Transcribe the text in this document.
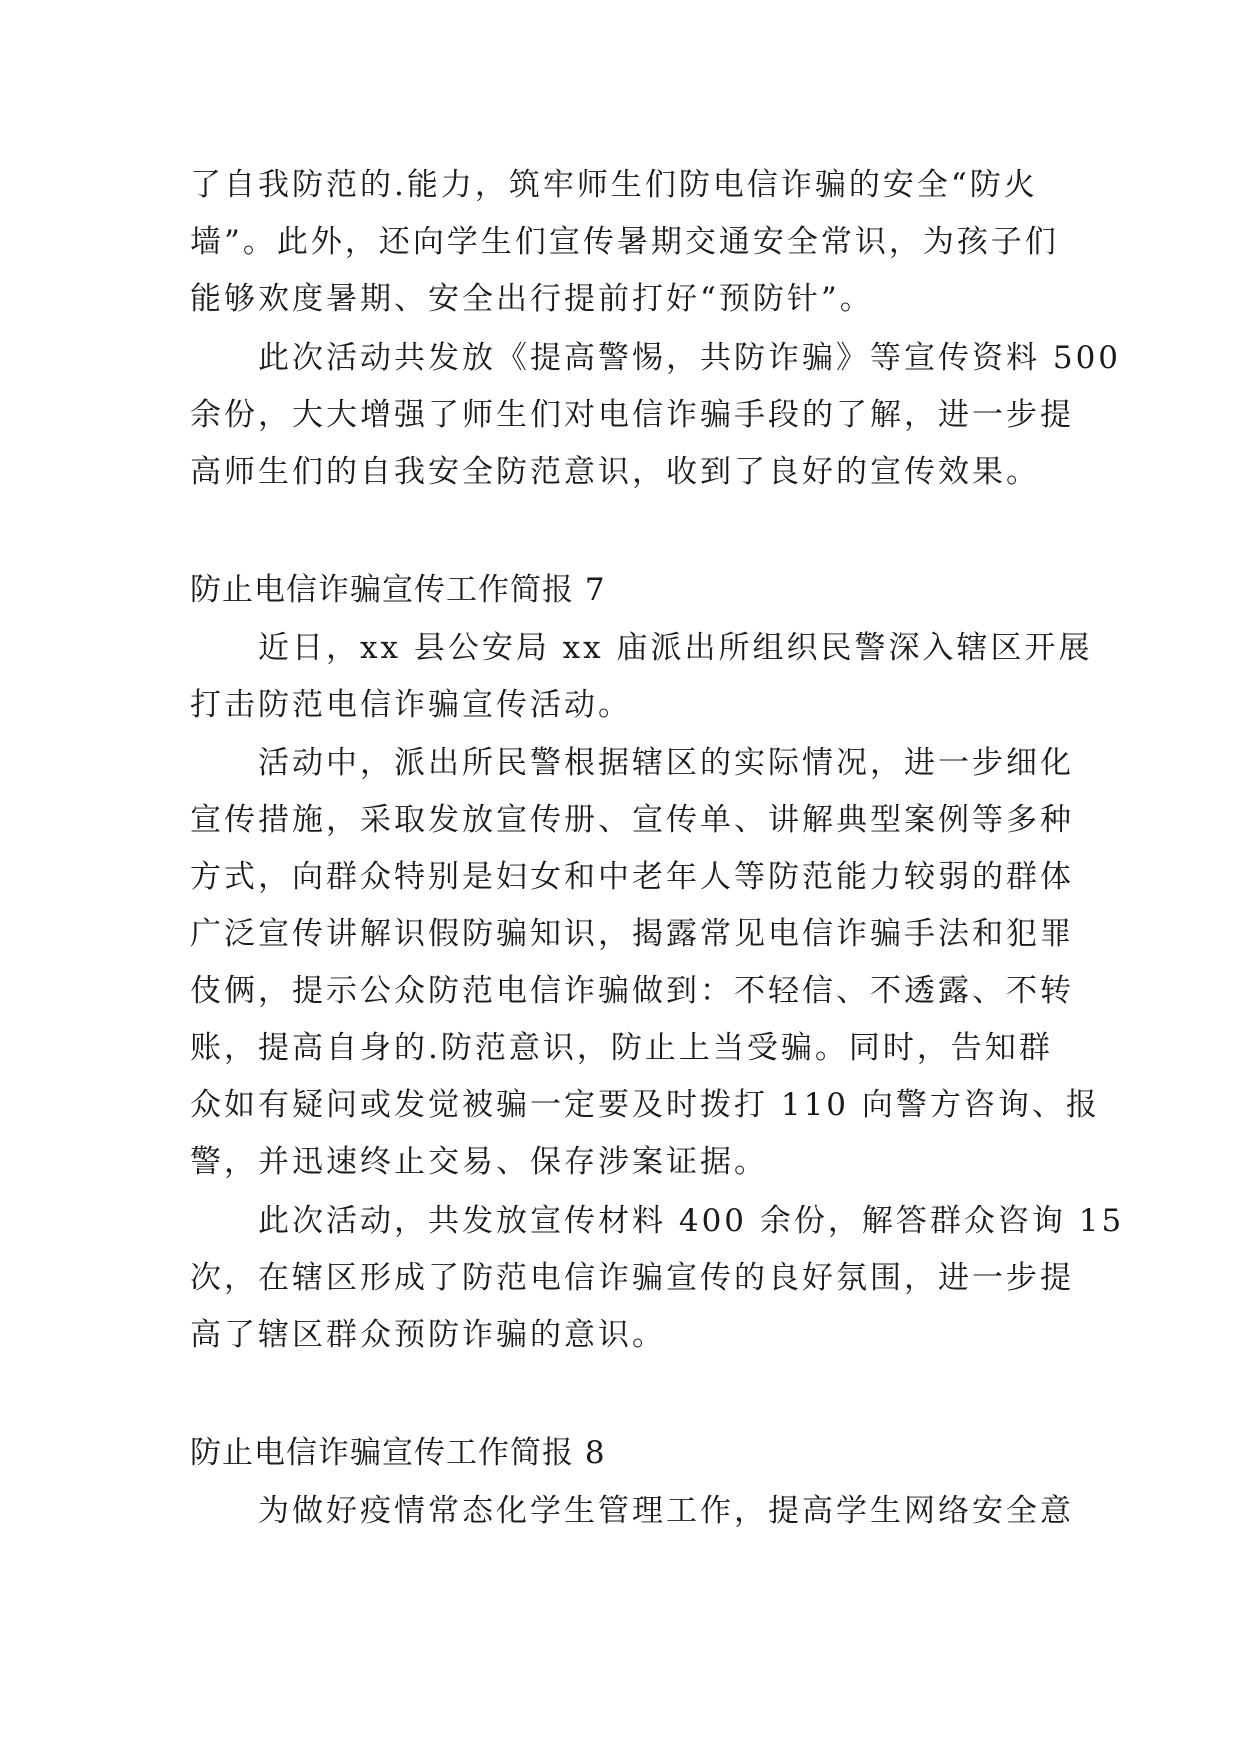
了自我防范的.能力，筑牢师生们防电信诈骗的安全“防火
墙”。此外，还向学生们宣传暑期交通安全常识，为孩子们
能够欢度暑期、安全出行提前打好“预防针”。
此次活动共发放《提高警惕，共防诈骗》等宣传资料 500
余份，大大增强了师生们对电信诈骗手段的了解，进一步提
高师生们的自我安全防范意识，收到了良好的宣传效果。
防止电信诈骗宣传工作简报 7
近日，xx 县公安局 xx 庙派出所组织民警深入辖区开展
打击防范电信诈骗宣传活动。
活动中，派出所民警根据辖区的实际情况，进一步细化
宣传措施，采取发放宣传册、宣传单、讲解典型案例等多种
方式，向群众特别是妇女和中老年人等防范能力较弱的群体
广泛宣传讲解识假防骗知识，揭露常见电信诈骗手法和犯罪
伎俩，提示公众防范电信诈骗做到：不轻信、不透露、不转
账，提高自身的.防范意识，防止上当受骗。同时，告知群
众如有疑问或发觉被骗一定要及时拨打 110 向警方咨询、报
警，并迅速终止交易、保存涉案证据。
此次活动，共发放宣传材料 400 余份，解答群众咨询 15
次，在辖区形成了防范电信诈骗宣传的良好氛围，进一步提
高了辖区群众预防诈骗的意识。
防止电信诈骗宣传工作简报 8
为做好疫情常态化学生管理工作，提高学生网络安全意
